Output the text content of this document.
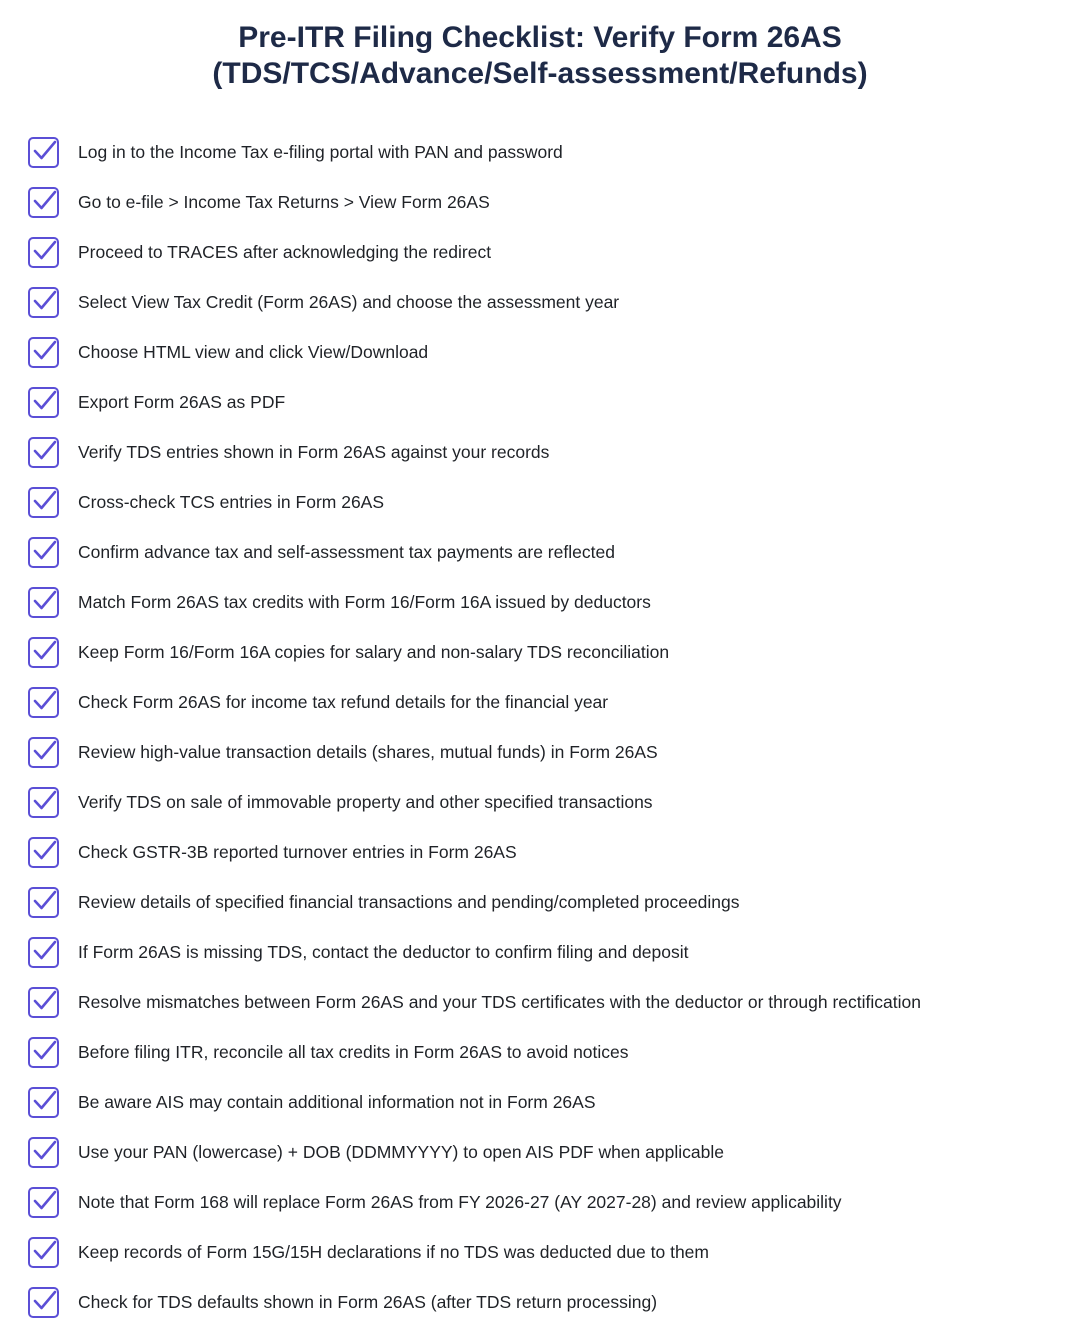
Pre-ITR Filing Checklist: Verify Form 26AS
(TDS/TCS/Advance/Self-assessment/Refunds)
Log in to the Income Tax e-filing portal with PAN and password
Go to e-file > Income Tax Returns > View Form 26AS
Proceed to TRACES after acknowledging the redirect
Select View Tax Credit (Form 26AS) and choose the assessment year
Choose HTML view and click View/Download
Export Form 26AS as PDF
Verify TDS entries shown in Form 26AS against your records
Cross-check TCS entries in Form 26AS
Confirm advance tax and self-assessment tax payments are reflected
Match Form 26AS tax credits with Form 16/Form 16A issued by deductors
Keep Form 16/Form 16A copies for salary and non-salary TDS reconciliation
Check Form 26AS for income tax refund details for the financial year
Review high-value transaction details (shares, mutual funds) in Form 26AS
Verify TDS on sale of immovable property and other specified transactions
Check GSTR-3B reported turnover entries in Form 26AS
Review details of specified financial transactions and pending/completed proceedings
If Form 26AS is missing TDS, contact the deductor to confirm filing and deposit
Resolve mismatches between Form 26AS and your TDS certificates with the deductor or through rectification
Before filing ITR, reconcile all tax credits in Form 26AS to avoid notices
Be aware AIS may contain additional information not in Form 26AS
Use your PAN (lowercase) + DOB (DDMMYYYY) to open AIS PDF when applicable
Note that Form 168 will replace Form 26AS from FY 2026-27 (AY 2027-28) and review applicability
Keep records of Form 15G/15H declarations if no TDS was deducted due to them
Check for TDS defaults shown in Form 26AS (after TDS return processing)
